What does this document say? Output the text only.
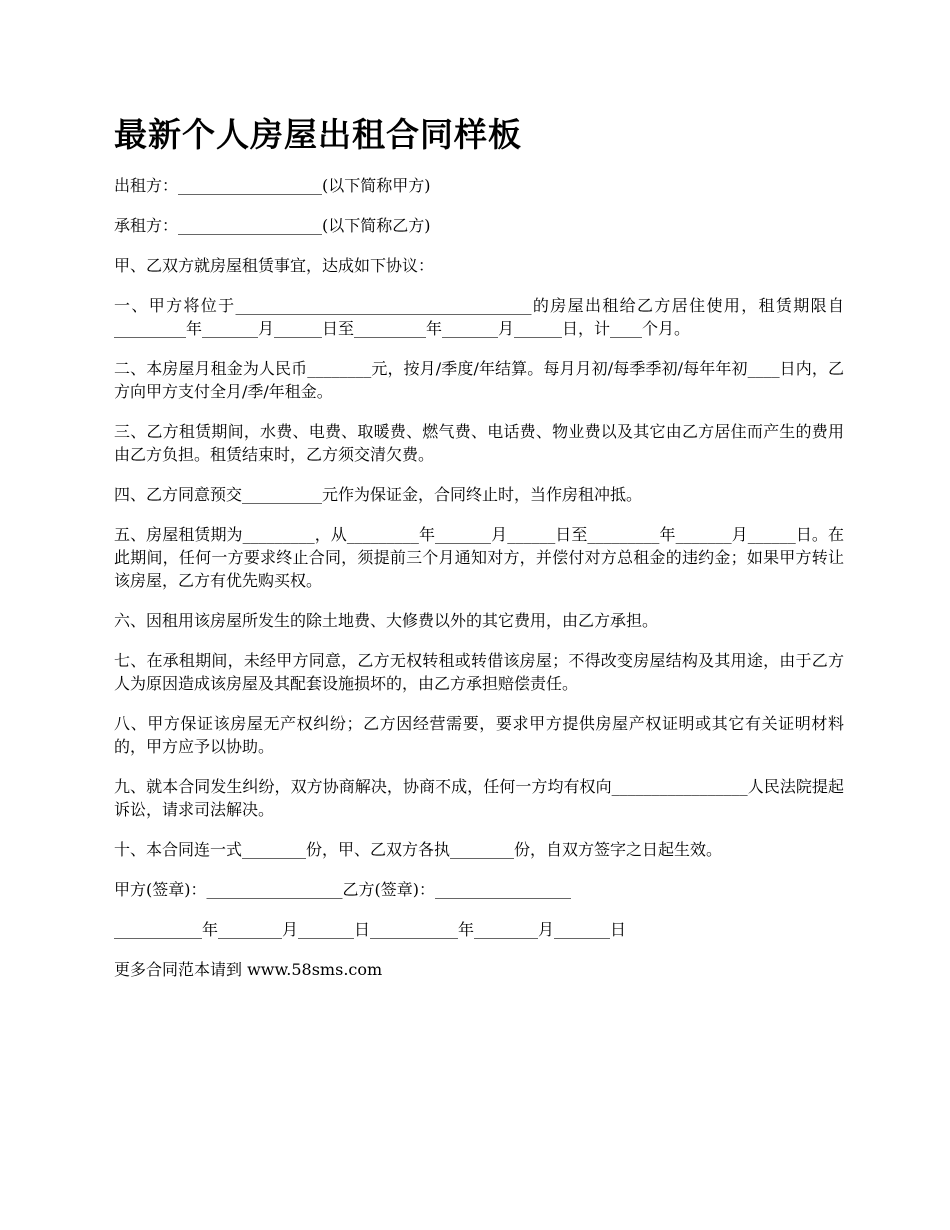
最新个人房屋出租合同样板

出租方：__________________(以下简称甲方)

承租方：__________________(以下简称乙方)

甲、乙双方就房屋租赁事宜，达成如下协议：

一、甲方将位于_____________________________________的房屋出租给乙方居住使用，租赁期限自_________年_______月______日至_________年_______月______日，计____个月。

二、本房屋月租金为人民币________元，按月/季度/年结算。每月月初/每季季初/每年年初____日内，乙方向甲方支付全月/季/年租金。

三、乙方租赁期间，水费、电费、取暖费、燃气费、电话费、物业费以及其它由乙方居住而产生的费用由乙方负担。租赁结束时，乙方须交清欠费。

四、乙方同意预交__________元作为保证金，合同终止时，当作房租冲抵。

五、房屋租赁期为_________，从_________年_______月______日至_________年_______月______日。在此期间，任何一方要求终止合同，须提前三个月通知对方，并偿付对方总租金的违约金；如果甲方转让该房屋，乙方有优先购买权。

六、因租用该房屋所发生的除土地费、大修费以外的其它费用，由乙方承担。

七、在承租期间，未经甲方同意，乙方无权转租或转借该房屋；不得改变房屋结构及其用途，由于乙方人为原因造成该房屋及其配套设施损坏的，由乙方承担赔偿责任。

八、甲方保证该房屋无产权纠纷；乙方因经营需要，要求甲方提供房屋产权证明或其它有关证明材料的，甲方应予以协助。

九、就本合同发生纠纷，双方协商解决，协商不成，任何一方均有权向_________________人民法院提起诉讼，请求司法解决。

十、本合同连一式________份，甲、乙双方各执________份，自双方签字之日起生效。

甲方(签章)：_________________乙方(签章)：_________________

___________年________月_______日___________年________月_______日

更多合同范本请到 www.58sms.com
